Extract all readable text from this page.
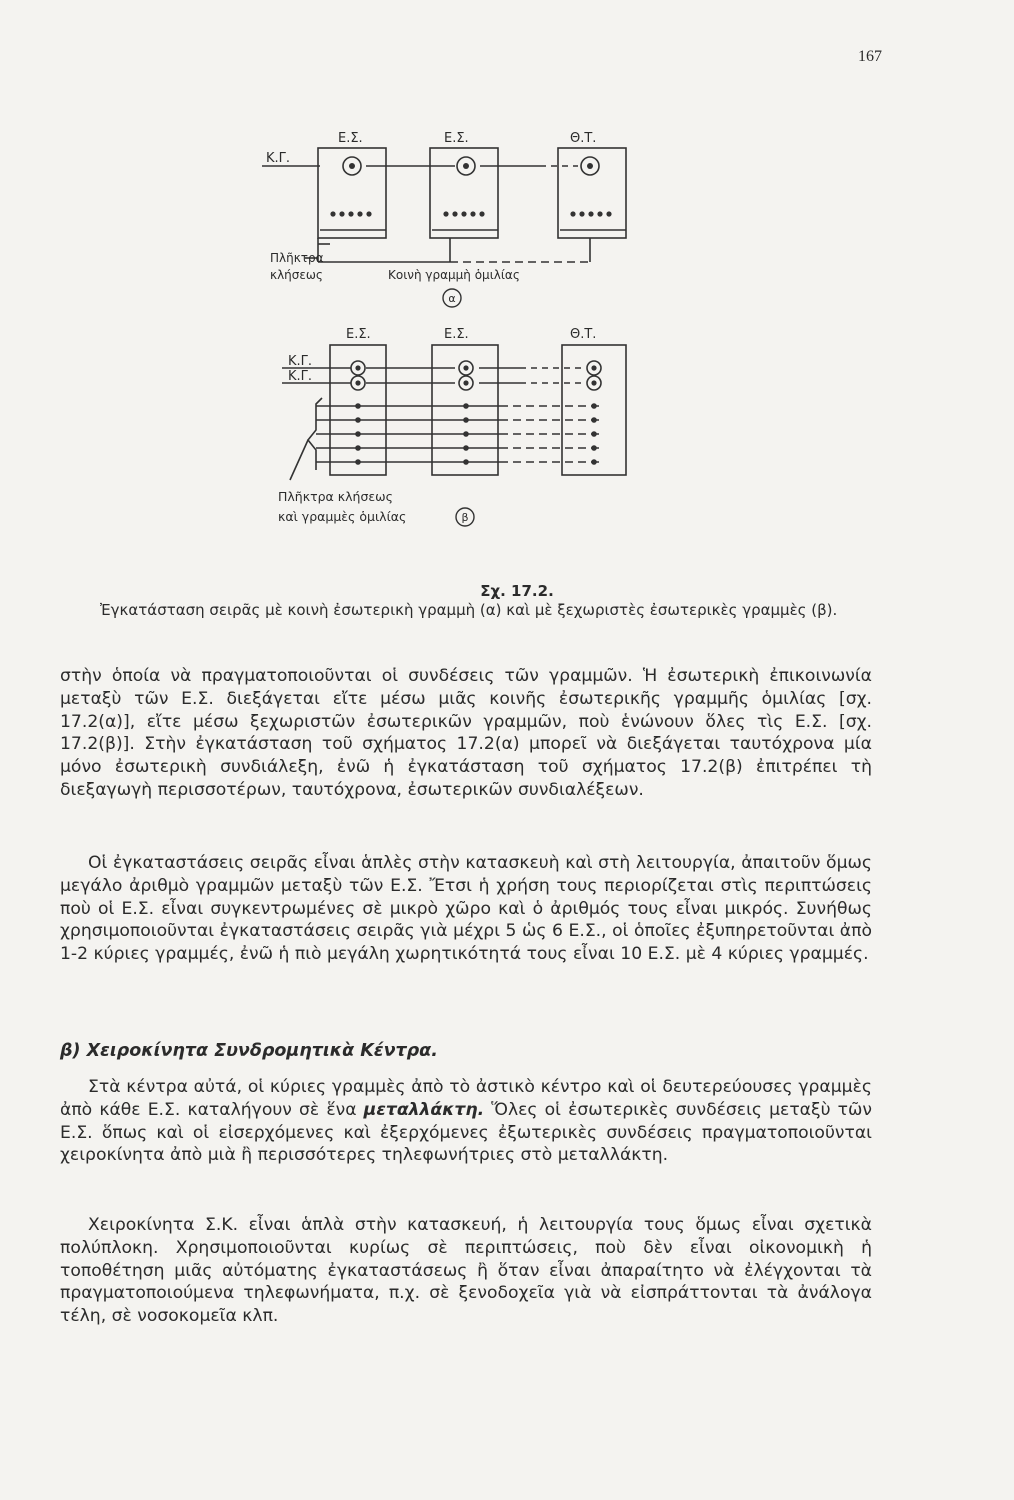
167
Ε.Σ.	Ε.Σ.	Θ.Τ.
Κ.Γ.
Πλῆκτρα
κλήσεως	Κοινὴ γραμμὴ ὁμιλίας
α
Ε.Σ.	Ε.Σ.	Θ.Τ.
Κ.Γ.
Κ.Γ.
Πλῆκτρα κλήσεως
καὶ γραμμὲς ὁμιλίας	β
Σχ. 17.2.
Ἐγκατάσταση σειρᾶς μὲ κοινὴ ἐσωτερικὴ γραμμὴ (α) καὶ μὲ ξεχωριστὲς ἐσωτερικὲς γραμμὲς (β).

στὴν ὁποία νὰ πραγματοποιοῦνται οἱ συνδέσεις τῶν γραμμῶν. Ἡ ἐσωτερικὴ ἐπικοινωνία μεταξὺ τῶν Ε.Σ. διεξάγεται εἴτε μέσω μιᾶς κοινῆς ἐσωτερικῆς γραμμῆς ὁμιλίας [σχ. 17.2(α)], εἴτε μέσω ξεχωριστῶν ἐσωτερικῶν γραμμῶν, ποὺ ἑνώνουν ὅλες τὶς Ε.Σ. [σχ. 17.2(β)]. Στὴν ἐγκατάσταση τοῦ σχήματος 17.2(α) μπορεῖ νὰ διεξάγεται ταυτόχρονα μία μόνο ἐσωτερικὴ συνδιάλεξη, ἐνῶ ἡ ἐγκατάσταση τοῦ σχήματος 17.2(β) ἐπιτρέπει τὴ διεξαγωγὴ περισσοτέρων, ταυτόχρονα, ἐσωτερικῶν συνδιαλέξεων.

Οἱ ἐγκαταστάσεις σειρᾶς εἶναι ἁπλὲς στὴν κατασκευὴ καὶ στὴ λειτουργία, ἀπαιτοῦν ὅμως μεγάλο ἀριθμὸ γραμμῶν μεταξὺ τῶν Ε.Σ. Ἔτσι ἡ χρήση τους περιορίζεται στὶς περιπτώσεις ποὺ οἱ Ε.Σ. εἶναι συγκεντρωμένες σὲ μικρὸ χῶρο καὶ ὁ ἀριθμός τους εἶναι μικρός. Συνήθως χρησιμοποιοῦνται ἐγκαταστάσεις σειρᾶς γιὰ μέχρι 5 ὡς 6 Ε.Σ., οἱ ὁποῖες ἐξυπηρετοῦνται ἀπὸ 1-2 κύριες γραμμές, ἐνῶ ἡ πιὸ μεγάλη χωρητικότητά τους εἶναι 10 Ε.Σ. μὲ 4 κύριες γραμμές.

β) Χειροκίνητα Συνδρομητικὰ Κέντρα.

Στὰ κέντρα αὐτά, οἱ κύριες γραμμὲς ἀπὸ τὸ ἀστικὸ κέντρο καὶ οἱ δευτερεύουσες γραμμὲς ἀπὸ κάθε Ε.Σ. καταλήγουν σὲ ἕνα μεταλλάκτη. Ὅλες οἱ ἐσωτερικὲς συνδέσεις μεταξὺ τῶν Ε.Σ. ὅπως καὶ οἱ εἰσερχόμενες καὶ ἐξερχόμενες ἐξωτερικὲς συνδέσεις πραγματοποιοῦνται χειροκίνητα ἀπὸ μιὰ ἢ περισσότερες τηλεφωνήτριες στὸ μεταλλάκτη.

Χειροκίνητα Σ.Κ. εἶναι ἁπλὰ στὴν κατασκευή, ἡ λειτουργία τους ὅμως εἶναι σχετικὰ πολύπλοκη. Χρησιμοποιοῦνται κυρίως σὲ περιπτώσεις, ποὺ δὲν εἶναι οἰκονομικὴ ἡ τοποθέτηση μιᾶς αὐτόματης ἐγκαταστάσεως ἢ ὅταν εἶναι ἀπαραίτητο νὰ ἐλέγχονται τὰ πραγματοποιούμενα τηλεφωνήματα, π.χ. σὲ ξενοδοχεῖα γιὰ νὰ εἰσπράττονται τὰ ἀνάλογα τέλη, σὲ νοσοκομεῖα κλπ.
